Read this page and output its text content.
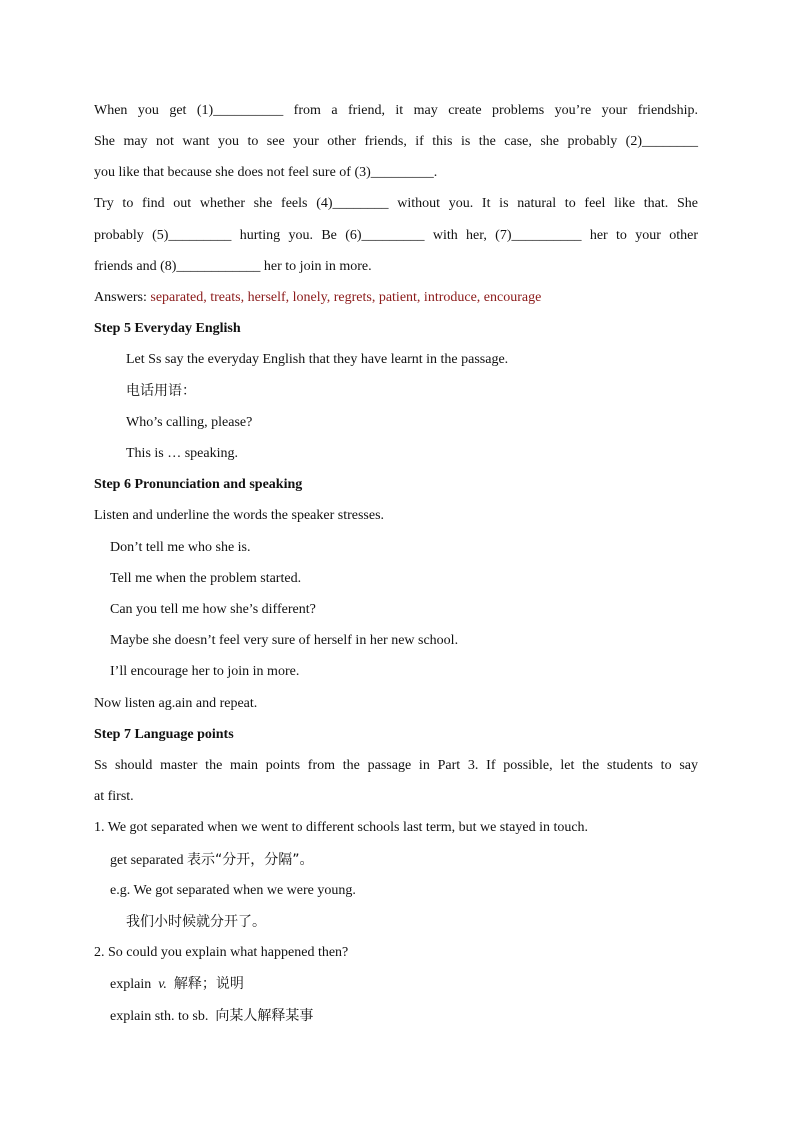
When you get (1)__________ from a friend, it may create problems you’re your friendship.
She may not want you to see your other friends, if this is the case, she probably (2)________
you like that because she does not feel sure of (3)_________.
Try to find out whether she feels (4)________ without you. It is natural to feel like that. She
probably (5)_________ hurting you. Be (6)_________ with her, (7)__________ her to your other
friends and (8)____________ her to join in more.
Answers: separated, treats, herself, lonely, regrets, patient, introduce, encourage
Step 5 Everyday English
Let Ss say the everyday English that they have learnt in the passage.
电话用语：
Who’s calling, please?
This is … speaking.
Step 6 Pronunciation and speaking
Listen and underline the words the speaker stresses.
Don’t tell me who she is.
Tell me when the problem started.
Can you tell me how she’s different?
Maybe she doesn’t feel very sure of herself in her new school.
I’ll encourage her to join in more.
Now listen ag.ain and repeat.
Step 7 Language points
Ss should master the main points from the passage in Part 3. If possible, let the students to say
at first.
1. We got separated when we went to different schools last term, but we stayed in touch.
get separated 表示“分开，分隔”。
e.g. We got separated when we were young.
我们小时候就分开了。
2. So could you explain what happened then?
explain v. 解释；说明
explain sth. to sb. 向某人解释某事
